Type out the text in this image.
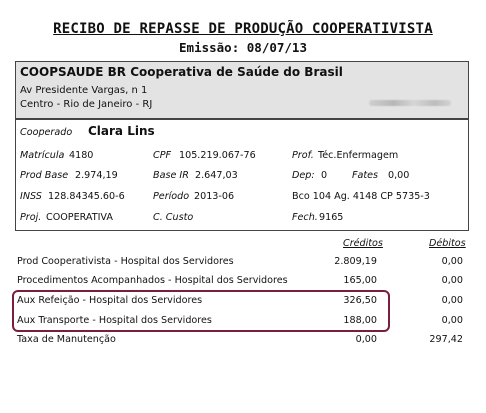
RECIBO DE REPASSE DE PRODUÇÃO COOPERATIVISTA
Emissão: 08/07/13
COOPSAUDE BR Cooperativa de Saúde do Brasil
Av Presidente Vargas, n 1
Centro - Rio de Janeiro - RJ
Cooperado Clara Lins
Matrícula 4180	CPF 105.219.067-76	Prof. Téc.Enfermagem
Prod Base 2.974,19	Base IR 2.647,03	Dep: 0	Fates 0,00
INSS 128.84345.60-6	Período 2013-06	Bco 104 Ag. 4148 CP 5735-3
Proj. COOPERATIVA	C. Custo	Fech. 9165
Créditos	Débitos
Prod Cooperativista - Hospital dos Servidores	2.809,19	0,00
Procedimentos Acompanhados - Hospital dos Servidores	165,00	0,00
Aux Refeição - Hospital dos Servidores	326,50	0,00
Aux Transporte - Hospital dos Servidores	188,00	0,00
Taxa de Manutenção	0,00	297,42
